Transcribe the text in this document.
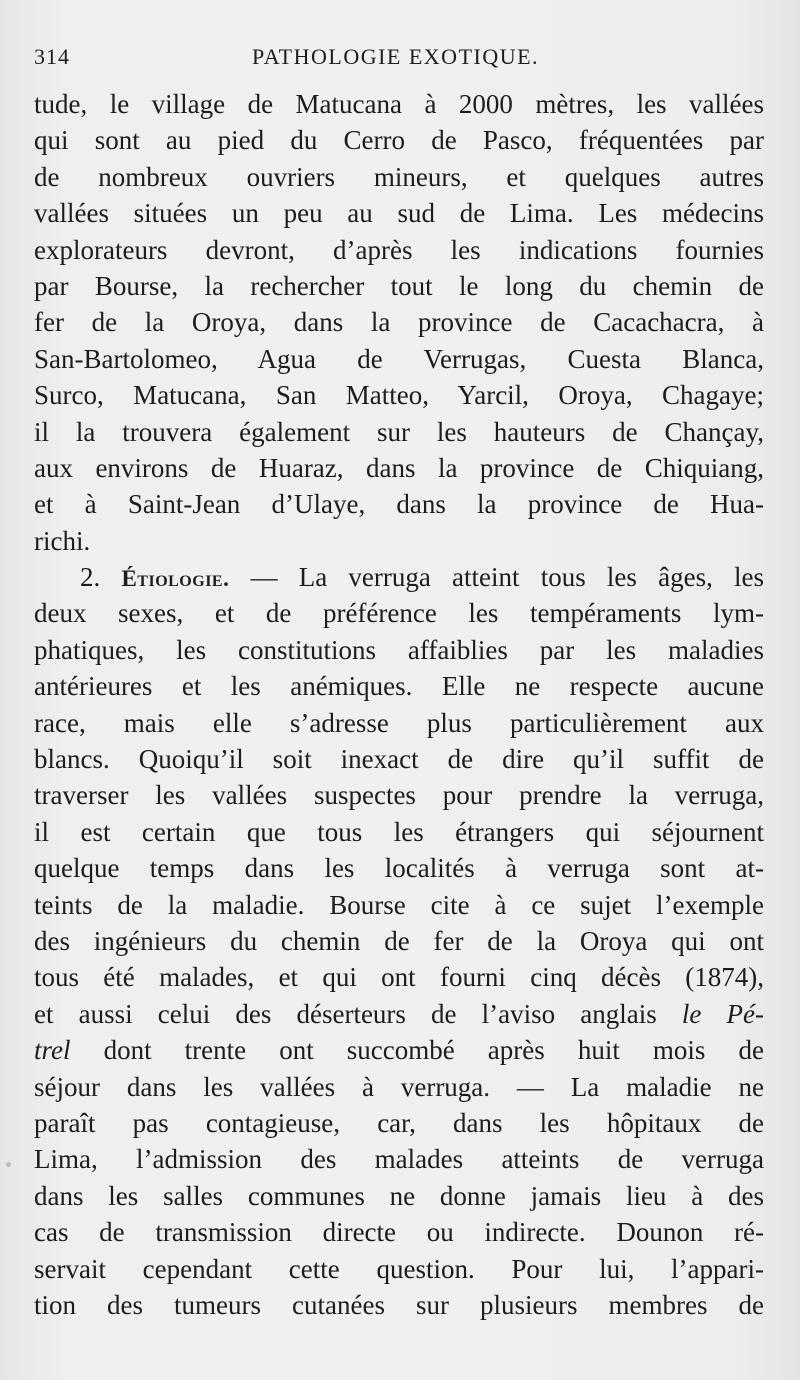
314	PATHOLOGIE EXOTIQUE.
tude, le village de Matucana à 2000 mètres, les vallées
qui sont au pied du Cerro de Pasco, fréquentées par
de nombreux ouvriers mineurs, et quelques autres
vallées situées un peu au sud de Lima. Les médecins
explorateurs devront, d’après les indications fournies
par Bourse, la rechercher tout le long du chemin de
fer de la Oroya, dans la province de Cacachacra, à
San-Bartolomeo, Agua de Verrugas, Cuesta Blanca,
Surco, Matucana, San Matteo, Yarcil, Oroya, Chagaye;
il la trouvera également sur les hauteurs de Chançay,
aux environs de Huaraz, dans la province de Chiquiang,
et à Saint-Jean d’Ulaye, dans la province de Hua-
richi.
2. Étiologie. — La verruga atteint tous les âges, les
deux sexes, et de préférence les tempéraments lym-
phatiques, les constitutions affaiblies par les maladies
antérieures et les anémiques. Elle ne respecte aucune
race, mais elle s’adresse plus particulièrement aux
blancs. Quoiqu’il soit inexact de dire qu’il suffit de
traverser les vallées suspectes pour prendre la verruga,
il est certain que tous les étrangers qui séjournent
quelque temps dans les localités à verruga sont at-
teints de la maladie. Bourse cite à ce sujet l’exemple
des ingénieurs du chemin de fer de la Oroya qui ont
tous été malades, et qui ont fourni cinq décès (1874),
et aussi celui des déserteurs de l’aviso anglais le Pé-
trel dont trente ont succombé après huit mois de
séjour dans les vallées à verruga. — La maladie ne
paraît pas contagieuse, car, dans les hôpitaux de
Lima, l’admission des malades atteints de verruga
dans les salles communes ne donne jamais lieu à des
cas de transmission directe ou indirecte. Dounon ré-
servait cependant cette question. Pour lui, l’appari-
tion des tumeurs cutanées sur plusieurs membres de
